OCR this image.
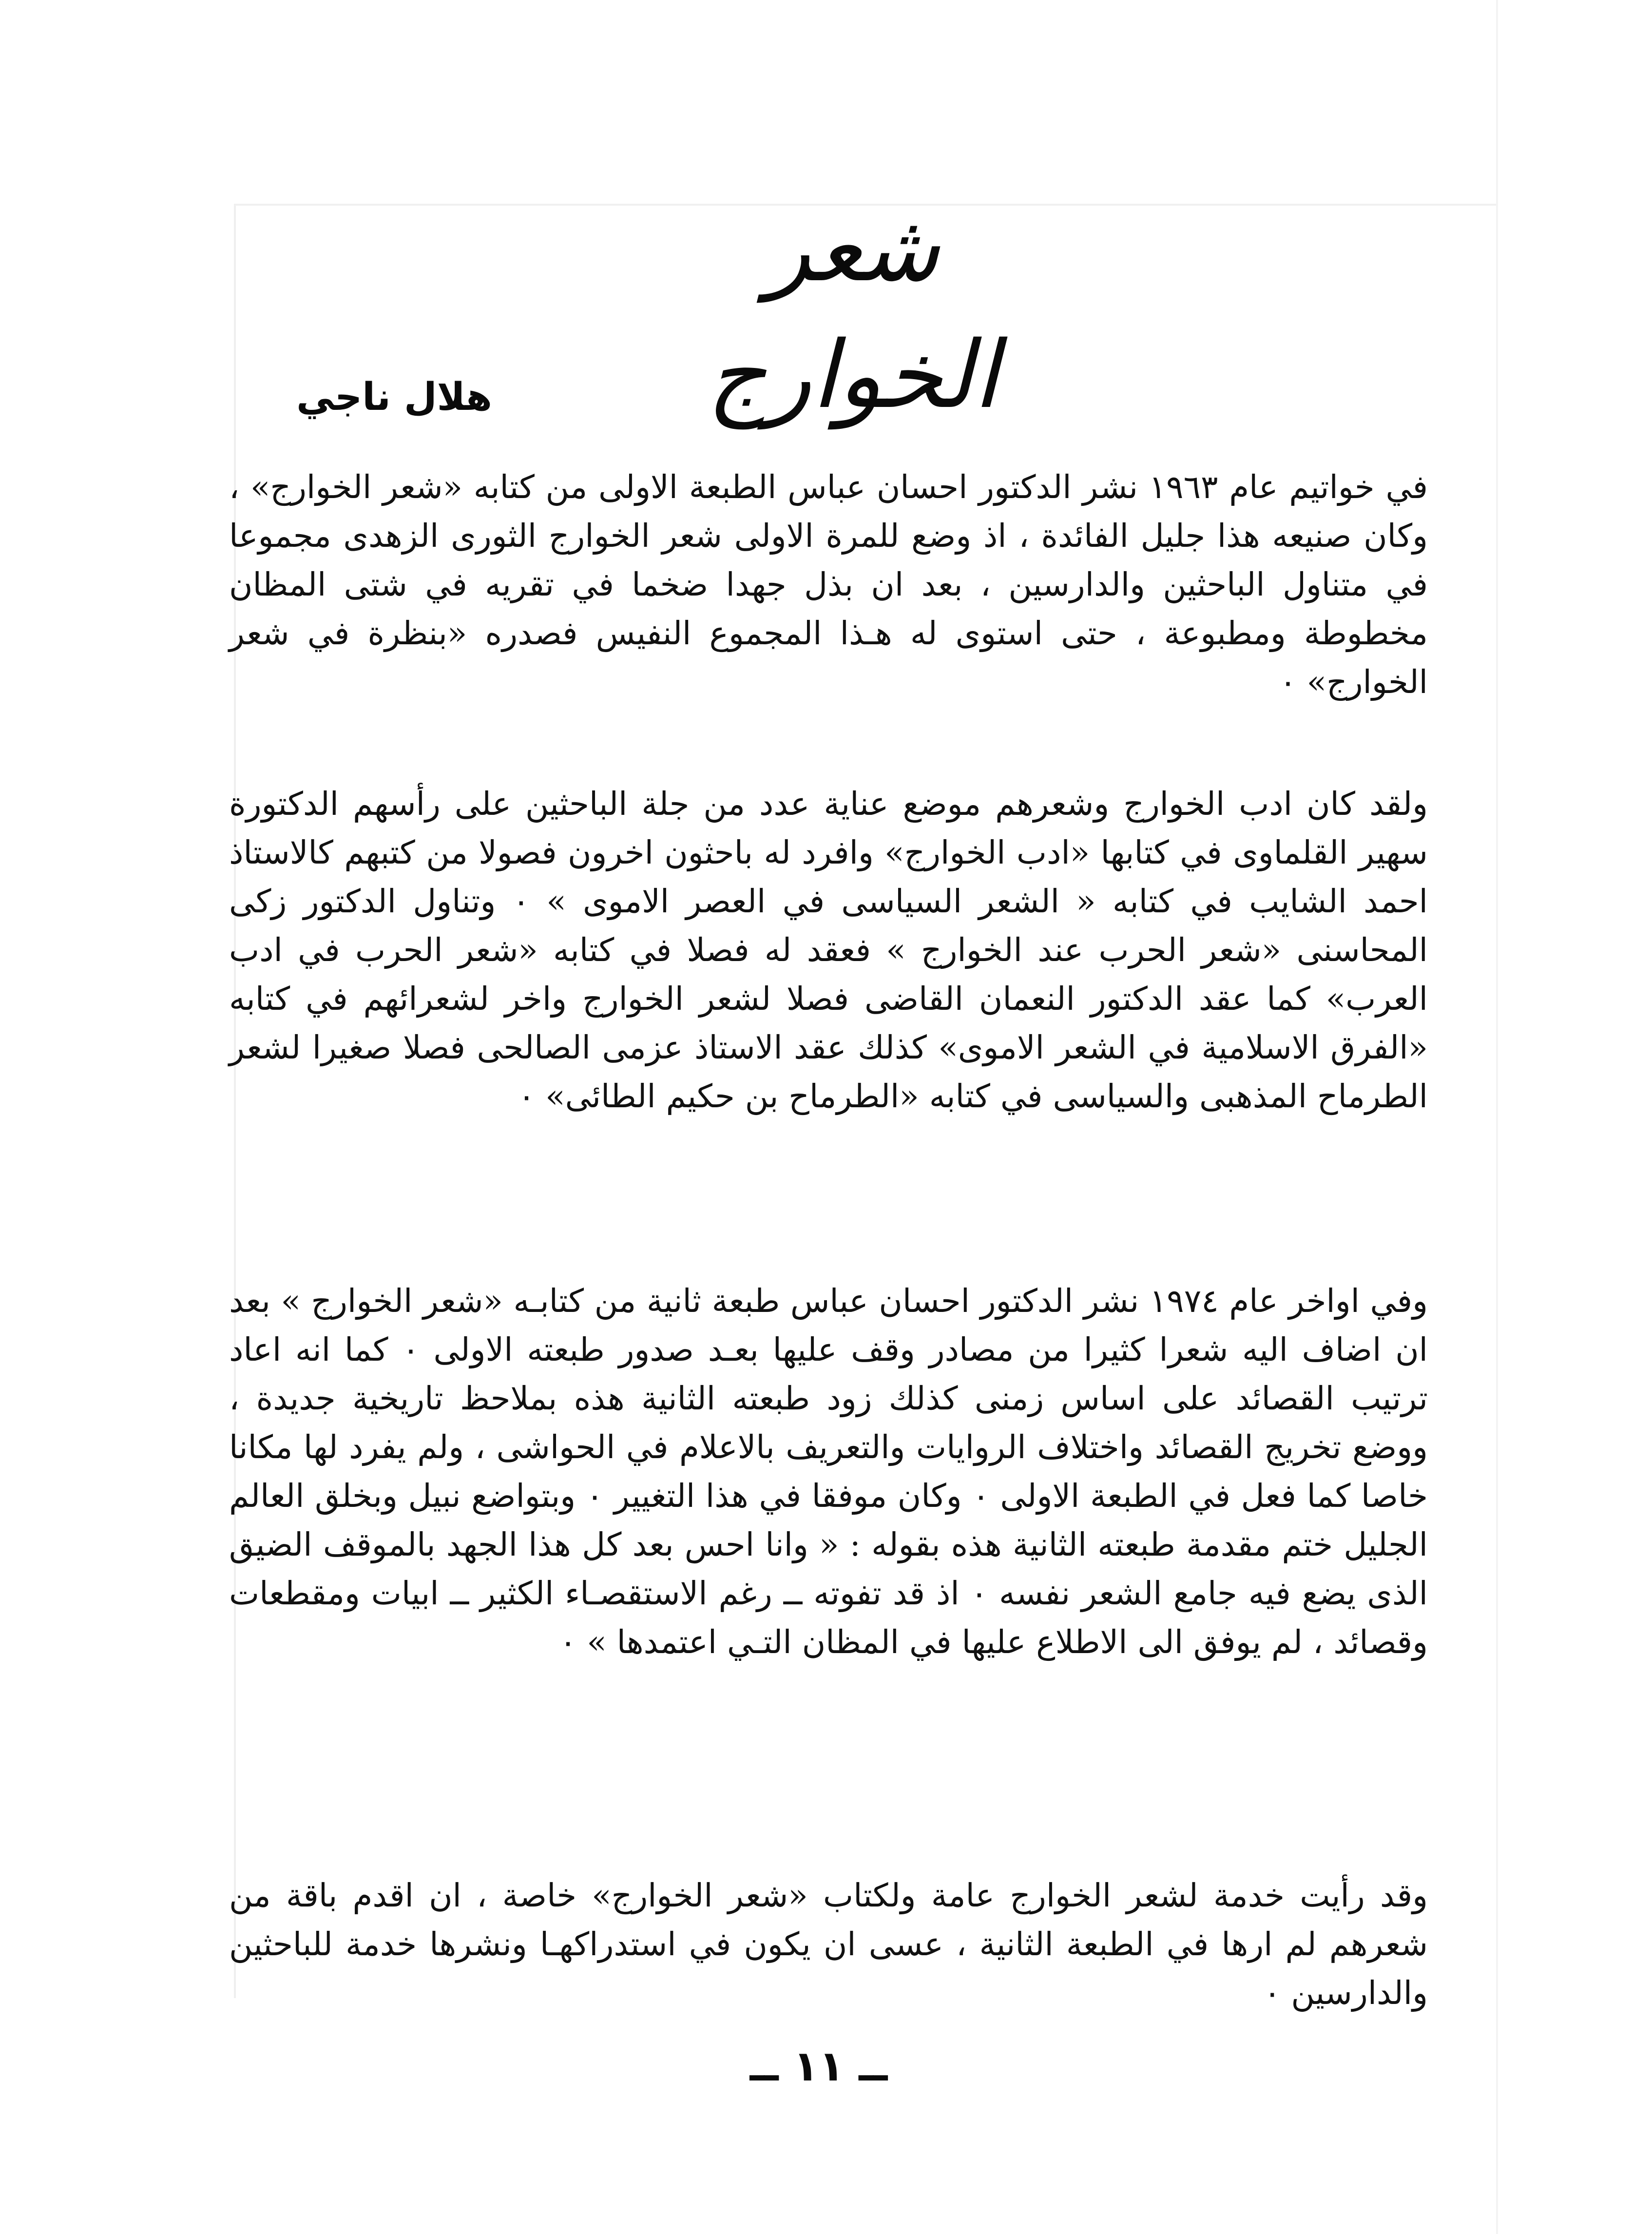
شعر الخوارج
هلال ناجي

في خواتيم عام ١٩٦٣ نشر الدكتور احسان عباس الطبعة الاولى من كتابه «شعر الخوارج» ، وكان صنيعه هذا جليل الفائدة ، اذ وضع للمرة الاولى شعر الخوارج الثورى الزهدى مجموعا في متناول الباحثين والدارسين ، بعد ان بذل جهدا ضخما في تقريه في شتى المظان مخطوطة ومطبوعة ، حتى استوى له هـذا المجموع النفيس فصدره «بنظرة في شعر الخوارج» ٠

ولقد كان ادب الخوارج وشعرهم موضع عناية عدد من جلة الباحثين على رأسهم الدكتورة سهير القلماوى في كتابها «ادب الخوارج» وافرد له باحثون اخرون فصولا من كتبهم كالاستاذ احمد الشايب في كتابه « الشعر السياسى في العصر الاموى » ٠ وتناول الدكتور زكى المحاسنى «شعر الحرب عند الخوارج » فعقد له فصلا في كتابه «شعر الحرب في ادب العرب» كما عقد الدكتور النعمان القاضى فصلا لشعر الخوارج واخر لشعرائهم في كتابه «الفرق الاسلامية في الشعر الاموى» كذلك عقد الاستاذ عزمى الصالحى فصلا صغيرا لشعر الطرماح المذهبى والسياسى في كتابه «الطرماح بن حكيم الطائى» ٠

وفي اواخر عام ١٩٧٤ نشر الدكتور احسان عباس طبعة ثانية من كتابـه «شعر الخوارج » بعد ان اضاف اليه شعرا كثيرا من مصادر وقف عليها بعـد صدور طبعته الاولى ٠ كما انه اعاد ترتيب القصائد على اساس زمنى كذلك زود طبعته الثانية هذه بملاحظ تاريخية جديدة ، ووضع تخريج القصائد واختلاف الروايات والتعريف بالاعلام في الحواشى ، ولم يفرد لها مكانا خاصا كما فعل في الطبعة الاولى ٠ وكان موفقا في هذا التغيير ٠ وبتواضع نبيل وبخلق العالم الجليل ختم مقدمة طبعته الثانية هذه بقوله : « وانا احس بعد كل هذا الجهد بالموقف الضيق الذى يضع فيه جامع الشعر نفسه ٠ اذ قد تفوته ــ رغم الاستقصـاء الكثير ــ ابيات ومقطعات وقصائد ، لم يوفق الى الاطلاع عليها في المظان التـي اعتمدها » ٠

وقد رأيت خدمة لشعر الخوارج عامة ولكتاب «شعر الخوارج» خاصة ، ان اقدم باقة من شعرهم لم ارها في الطبعة الثانية ، عسى ان يكون في استدراكهـا ونشرها خدمة للباحثين والدارسين ٠

ــ ١١ ــ
